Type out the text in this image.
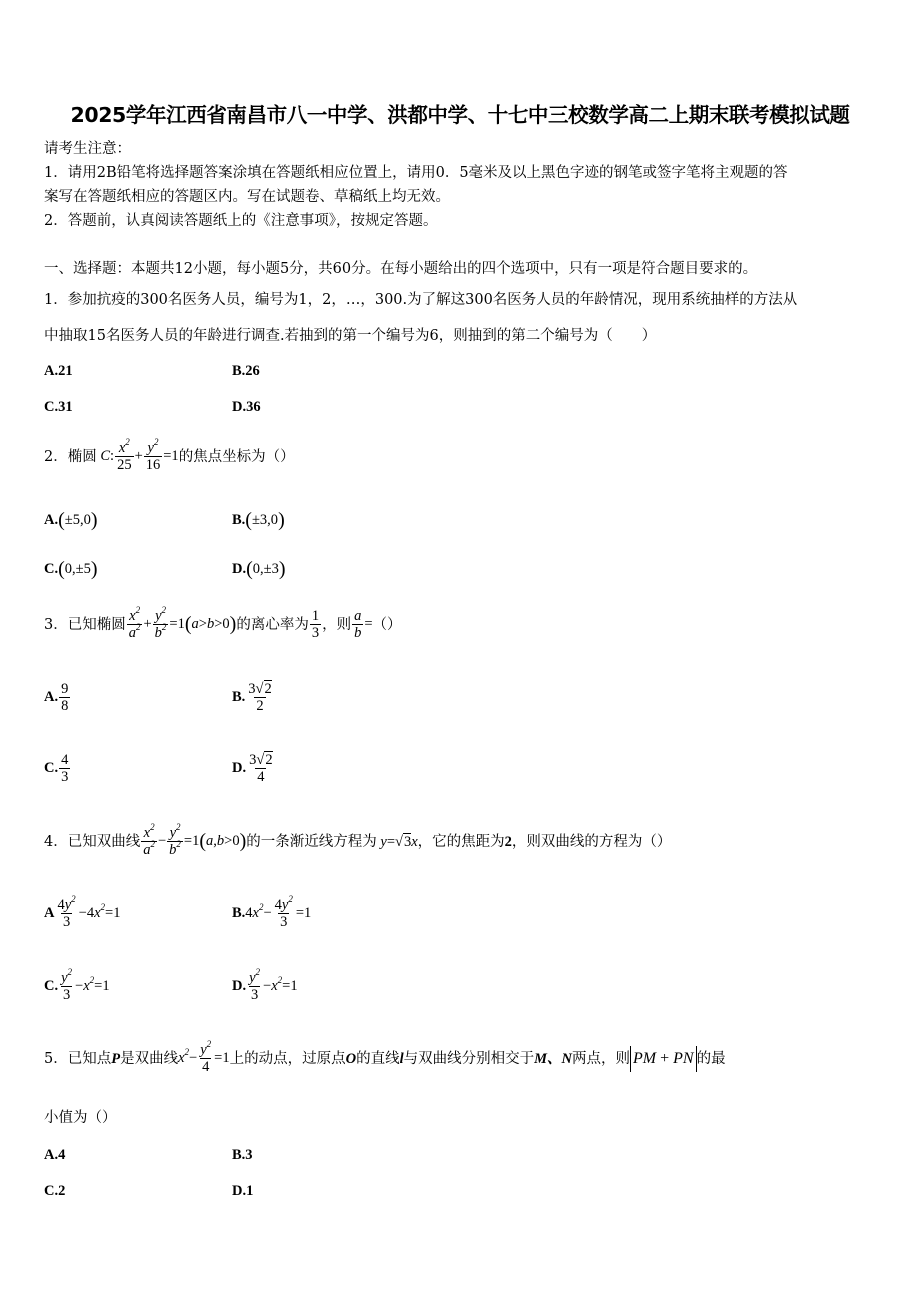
2025学年江西省南昌市八一中学、洪都中学、十七中三校数学高二上期末联考模拟试题
请考生注意：
1．请用2B铅笔将选择题答案涂填在答题纸相应位置上，请用0．5毫米及以上黑色字迹的钢笔或签字笔将主观题的答
案写在答题纸相应的答题区内。写在试题卷、草稿纸上均无效。
2．答题前，认真阅读答题纸上的《注意事项》，按规定答题。
一、选择题：本题共12小题，每小题5分，共60分。在每小题给出的四个选项中，只有一项是符合题目要求的。
1．参加抗疫的300名医务人员，编号为1，2，…，300.为了解这300名医务人员的年龄情况，现用系统抽样的方法从
中抽取15名医务人员的年龄进行调查.若抽到的第一个编号为6，则抽到的第二个编号为（　　）
A.21	B.26
C.31	D.36
2．椭圆 C: $\frac{x^2}{25} + \frac{y^2}{16} =1$ 的焦点坐标为（）
A.(±5,0)	B.(±3,0)
C.(0,±5)	D.(0,±3)
3．已知椭圆 $\frac{x^2}{a^2} + \frac{y^2}{b^2} =1(a>b>0)$ 的离心率为 $\frac{1}{3}$ ，则 $\frac{a}{b}$ = （）
A. $\frac{9}{8}$	B. $\frac{3√2}{2}$
C. $\frac{4}{3}$	D. $\frac{3√2}{4}$
4．已知双曲线 $\frac{x^2}{a^2} - \frac{y^2}{b^2} =1(a,b>0)$ 的一条渐近线方程为 y=√3x ，它的焦距为 2 ，则双曲线的方程为（）
A $\frac{4y^2}{3} -4x^2=1$	B. $4x^2- \frac{4y^2}{3} =1$
C. $\frac{y^2}{3} -x^2=1$	D. $\frac{y^2}{3} -x^2=1$
5．已知点 P 是双曲线 $x^2- \frac{y^2}{4} =1$ 上的动点，过原点 O 的直线 l 与双曲线分别相交于 M、N 两点，则 PM + PN 的最
小值为（）
A.4	B.3
C.2	D.1
